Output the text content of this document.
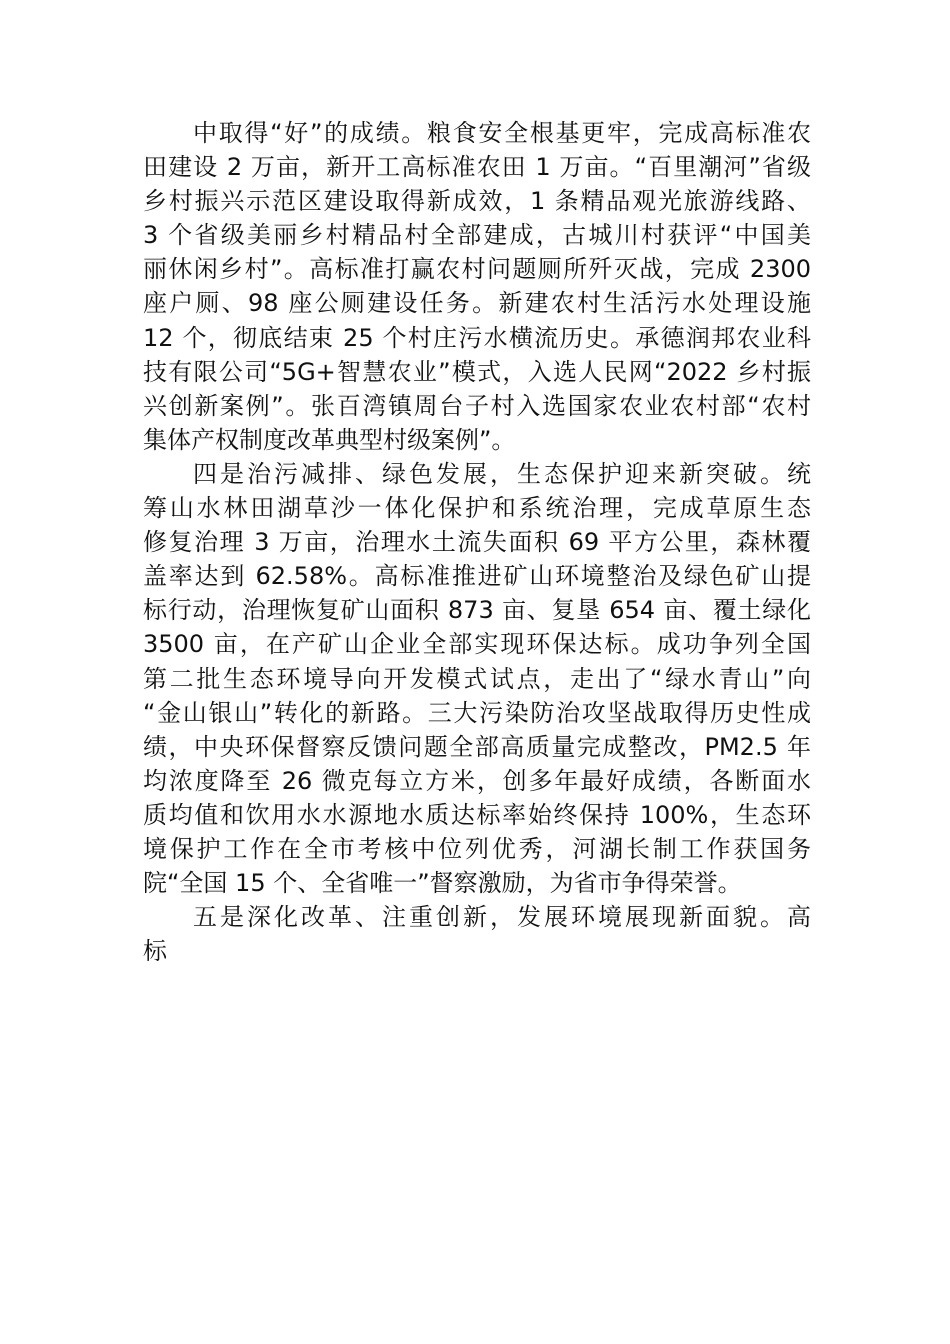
中取得“好”的成绩。粮食安全根基更牢，完成高标准农
田建设 2 万亩，新开工高标准农田 1 万亩。“百里潮河”省级
乡村振兴示范区建设取得新成效，1 条精品观光旅游线路、
3 个省级美丽乡村精品村全部建成，古城川村获评“中国美
丽休闲乡村”。高标准打赢农村问题厕所歼灭战，完成 2300
座户厕、98 座公厕建设任务。新建农村生活污水处理设施
12 个，彻底结束 25 个村庄污水横流历史。承德润邦农业科
技有限公司“5G+智慧农业”模式，入选人民网“2022 乡村振
兴创新案例”。张百湾镇周台子村入选国家农业农村部“农村
集体产权制度改革典型村级案例”。
四是治污减排、绿色发展，生态保护迎来新突破。统
筹山水林田湖草沙一体化保护和系统治理，完成草原生态
修复治理 3 万亩，治理水土流失面积 69 平方公里，森林覆
盖率达到 62.58%。高标准推进矿山环境整治及绿色矿山提
标行动，治理恢复矿山面积 873 亩、复垦 654 亩、覆土绿化
3500 亩，在产矿山企业全部实现环保达标。成功争列全国
第二批生态环境导向开发模式试点，走出了“绿水青山”向
“金山银山”转化的新路。三大污染防治攻坚战取得历史性成
绩，中央环保督察反馈问题全部高质量完成整改，PM2.5 年
均浓度降至 26 微克每立方米，创多年最好成绩，各断面水
质均值和饮用水水源地水质达标率始终保持 100%，生态环
境保护工作在全市考核中位列优秀，河湖长制工作获国务
院“全国 15 个、全省唯一”督察激励，为省市争得荣誉。
五是深化改革、注重创新，发展环境展现新面貌。高
标
